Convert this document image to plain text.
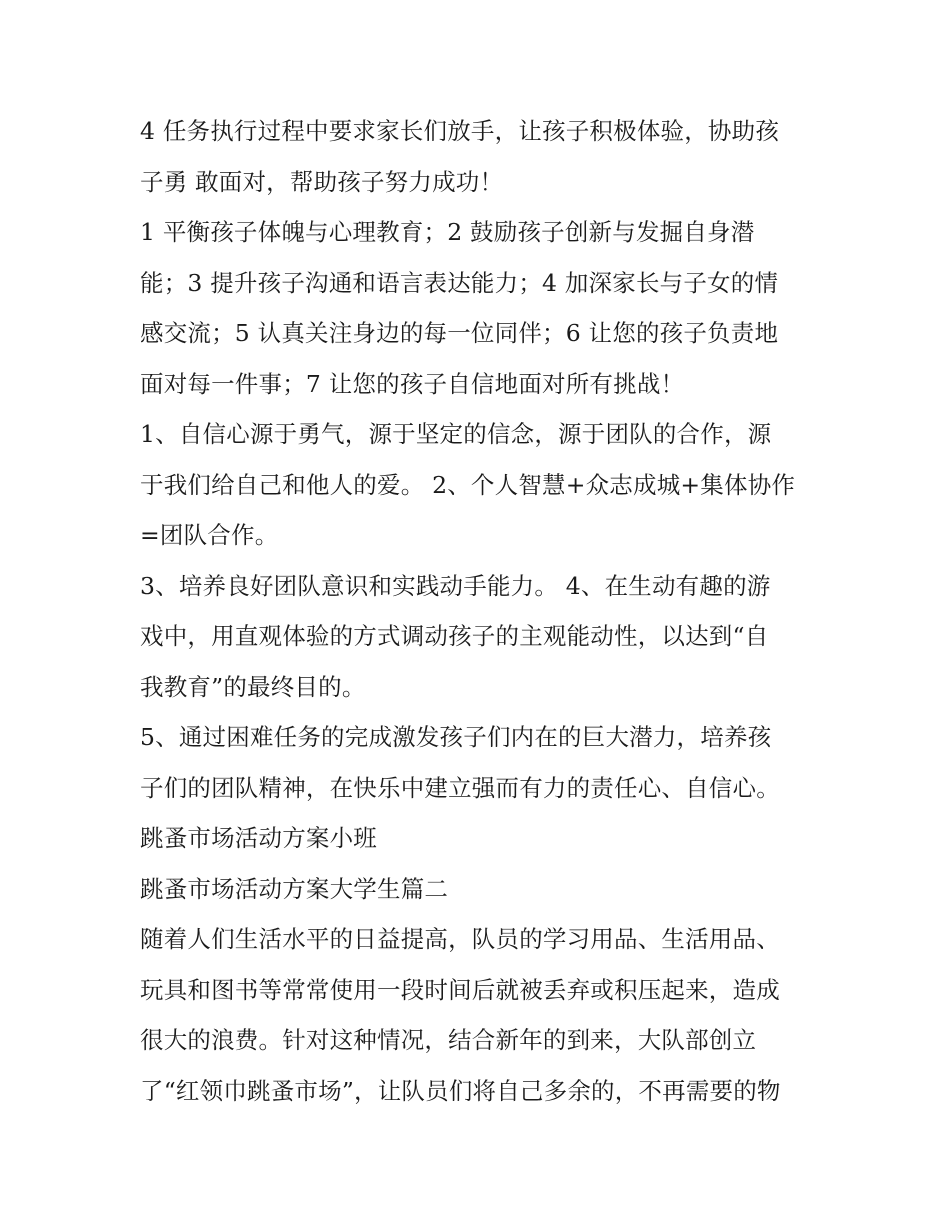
4 任务执行过程中要求家长们放手，让孩子积极体验，协助孩
子勇 敢面对，帮助孩子努力成功！

1 平衡孩子体魄与心理教育；2 鼓励孩子创新与发掘自身潜
能；3 提升孩子沟通和语言表达能力；4 加深家长与子女的情
感交流；5 认真关注身边的每一位同伴；6 让您的孩子负责地
面对每一件事；7 让您的孩子自信地面对所有挑战！

1、自信心源于勇气，源于坚定的信念，源于团队的合作，源
于我们给自己和他人的爱。 2、个人智慧+众志成城+集体协作
=团队合作。

3、培养良好团队意识和实践动手能力。 4、在生动有趣的游
戏中，用直观体验的方式调动孩子的主观能动性，以达到“自
我教育”的最终目的。

5、通过困难任务的完成激发孩子们内在的巨大潜力，培养孩
子们的团队精神，在快乐中建立强而有力的责任心、自信心。

跳蚤市场活动方案小班

跳蚤市场活动方案大学生篇二

随着人们生活水平的日益提高，队员的学习用品、生活用品、
玩具和图书等常常使用一段时间后就被丢弃或积压起来，造成
很大的浪费。针对这种情况，结合新年的到来，大队部创立
了“红领巾跳蚤市场”，让队员们将自己多余的，不再需要的物
